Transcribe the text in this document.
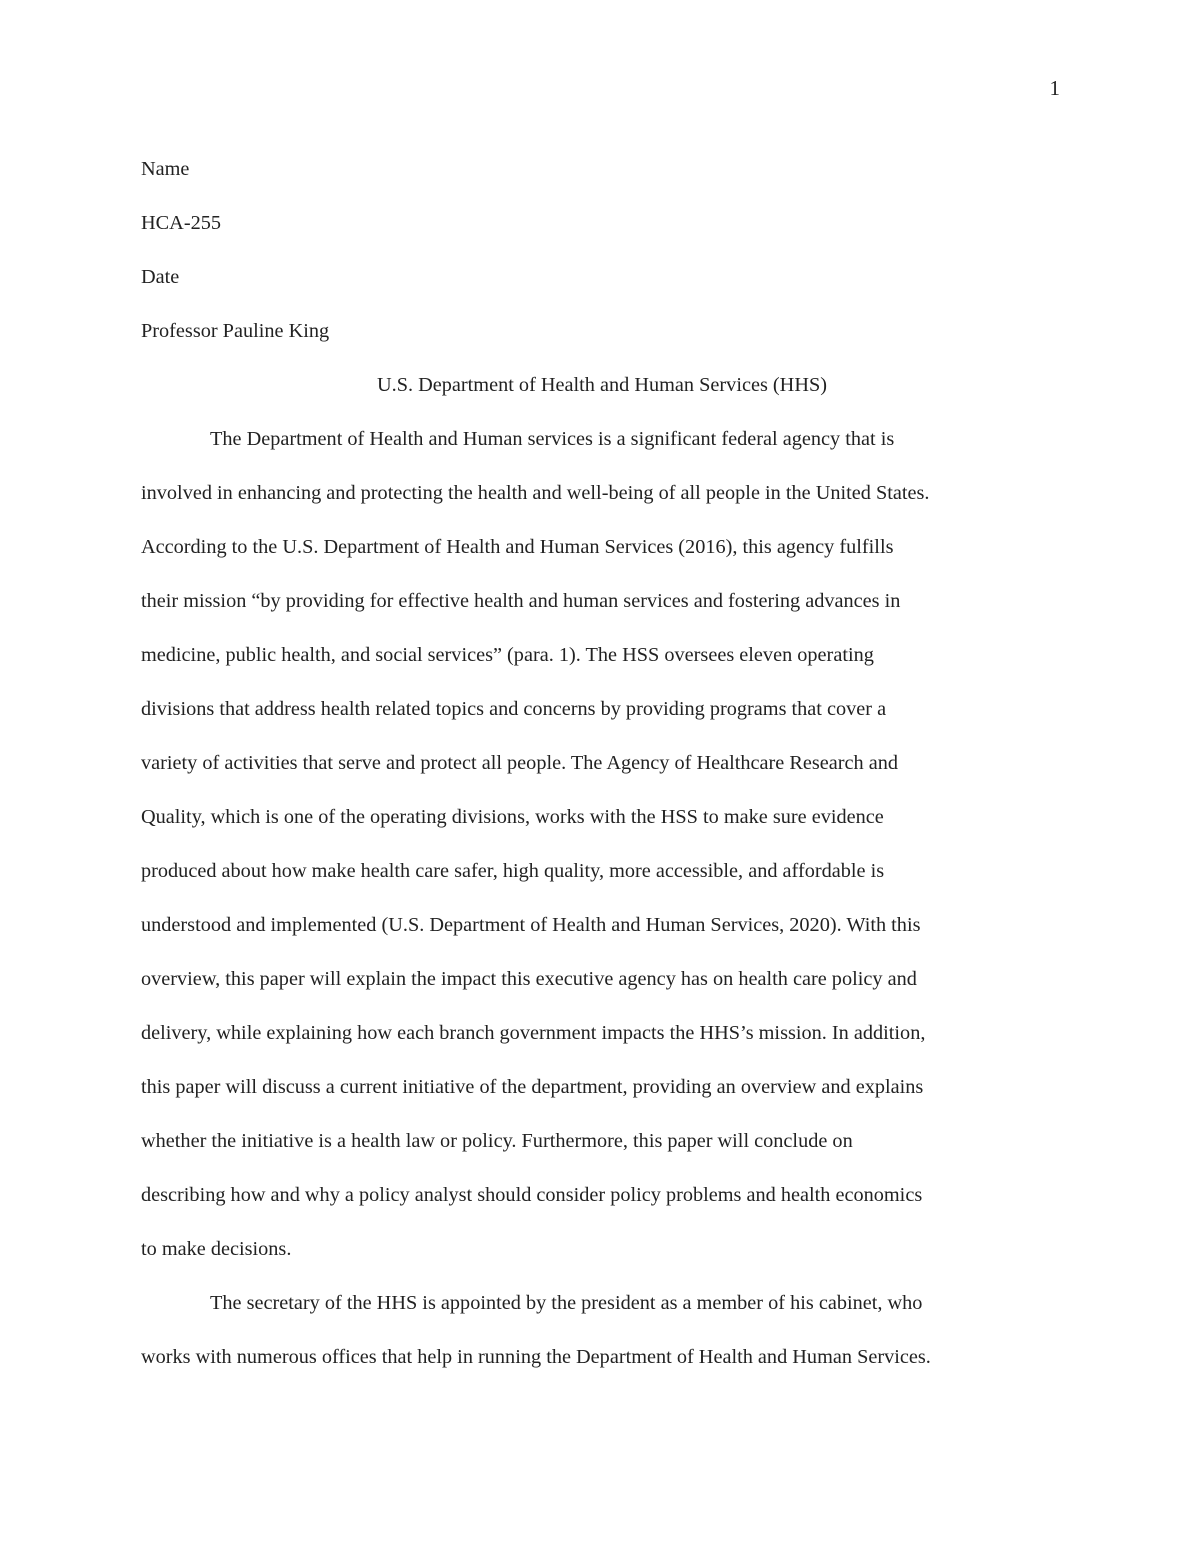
1

Name

HCA-255

Date

Professor Pauline King

U.S. Department of Health and Human Services (HHS)

The Department of Health and Human services is a significant federal agency that is
involved in enhancing and protecting the health and well-being of all people in the United States.
According to the U.S. Department of Health and Human Services (2016), this agency fulfills
their mission “by providing for effective health and human services and fostering advances in
medicine, public health, and social services” (para. 1). The HSS oversees eleven operating
divisions that address health related topics and concerns by providing programs that cover a
variety of activities that serve and protect all people. The Agency of Healthcare Research and
Quality, which is one of the operating divisions, works with the HSS to make sure evidence
produced about how make health care safer, high quality, more accessible, and affordable is
understood and implemented (U.S. Department of Health and Human Services, 2020). With this
overview, this paper will explain the impact this executive agency has on health care policy and
delivery, while explaining how each branch government impacts the HHS’s mission. In addition,
this paper will discuss a current initiative of the department, providing an overview and explains
whether the initiative is a health law or policy. Furthermore, this paper will conclude on
describing how and why a policy analyst should consider policy problems and health economics
to make decisions.

The secretary of the HHS is appointed by the president as a member of his cabinet, who
works with numerous offices that help in running the Department of Health and Human Services.
